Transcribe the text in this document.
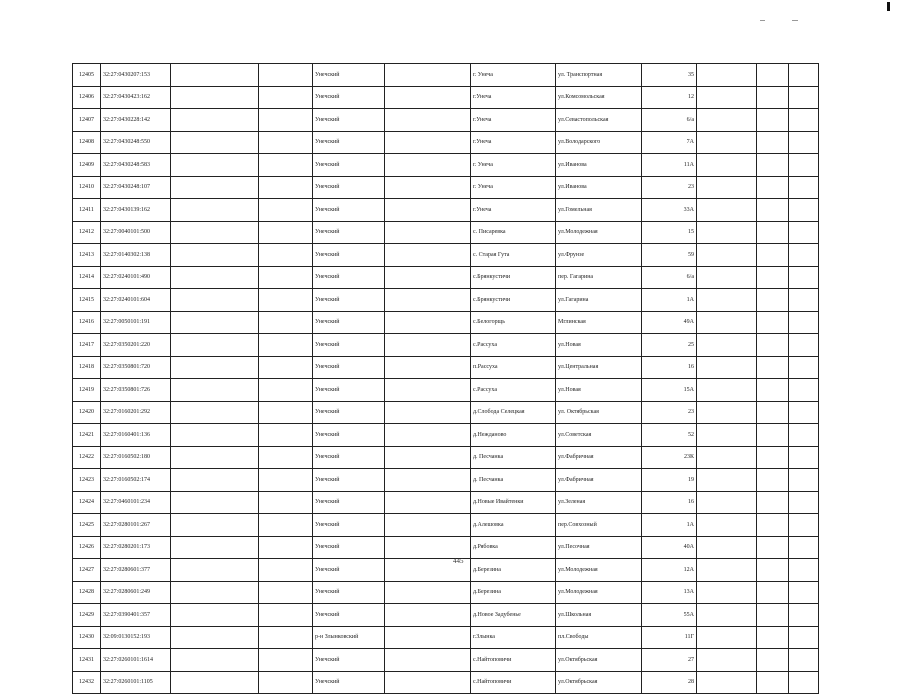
12405	32:27:0430207:153			Унечский		г. Унеча	ул. Транспортная	35			
12406	32:27:0430423:162			Унечский		г.Унеча	ул.Комсомольская	12			
12407	32:27:0430228:142			Унечский		г.Унеча	ул.Севастопольская	6/a			
12408	32:27:0430248:550			Унечский		г.Унеча	ул.Володарского	7А			
12409	32:27:0430248:583			Унечский		г. Унеча	ул.Иванова	11А			
12410	32:27:0430248:107			Унечский		г. Унеча	ул.Иванова	23			
12411	32:27:0430139:162			Унечский		г.Унеча	ул.Гомельная	33А			
12412	32:27:0040101:500			Унечский		с. Писаревка	ул.Молодежная	15			
12413	32:27:0140302:138			Унечский		с. Старая Гута	ул.Фрунзе	59			
12414	32:27:0240101:490			Унечский		с.Брянкустичи	пер. Гагарина	6/a			
12415	32:27:0240101:604			Унечский		с.Брянкустичи	ул.Гагарина	1А			
12416	32:27:0050101:191			Унечский		с.Белогорщь	Мглинская	49А			
12417	32:27:0350201:220			Унечский		с.Рассуха	ул.Новая	25			
12418	32:27:0350801:720			Унечский		п.Рассуха	ул.Центральная	16			
12419	32:27:0350801:726			Унечский		с.Рассуха	ул.Новая	15А			
12420	32:27:0160201:292			Унечский		д.Слобода Селецкая	ул. Октябрьская	23			
12421	32:27:0160401:136			Унечский		д.Нежданово	ул.Советская	52			
12422	32:27:0160502:180			Унечский		д. Песчанка	ул.Фабричная	23К			
12423	32:27:0160502:174			Унечский		д. Песчанка	ул.Фабричная	19			
12424	32:27:0460101:234			Унечский		д.Новые Ивайтенки	ул.Зеленая	16			
12425	32:27:0280101:267			Унечский		д.Алешовка	пер.Совхозный	1А			
12426	32:27:0280201:173			Унечский		д.Рябовка	ул.Песочная	40А			
12427	32:27:0280601:377			Унечский		д.Березина	ул.Молодежная	12А			
12428	32:27:0280601:249			Унечский		д.Березина	ул.Молодежная	13А			
12429	32:27:0390401:357			Унечский		д.Новое Задубенье	ул.Школьная	55А			
12430	32:09:0130152:193			р-н Злынковский		г.Злынка	пл.Свободы	11Г			
12431	32:27:0260101:1614			Унечский		с.Найтоповичи	ул.Октябрьская	27			
12432	32:27:0260101:1105			Унечский		с.Найтоповичи	ул.Октябрьская	28			
445
